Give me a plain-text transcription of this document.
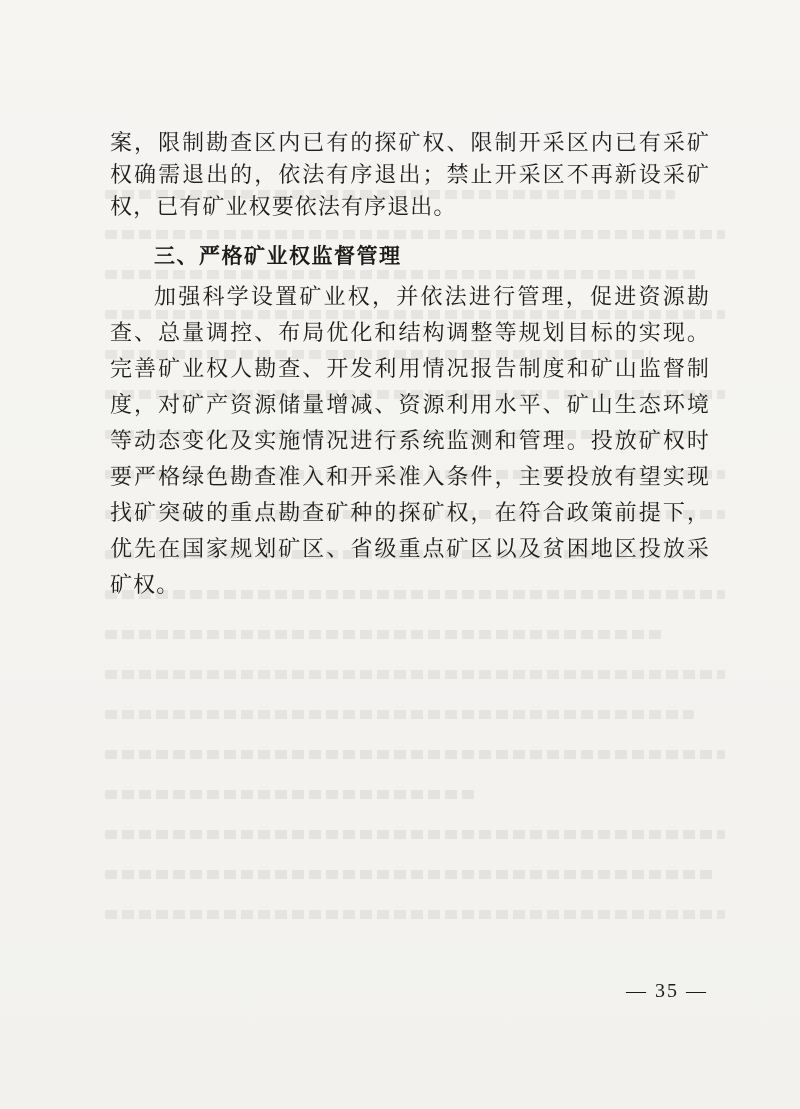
案，限制勘查区内已有的探矿权、限制开采区内已有采矿权确需退出的，依法有序退出；禁止开采区不再新设采矿权，已有矿业权要依法有序退出。

三、严格矿业权监督管理

加强科学设置矿业权，并依法进行管理，促进资源勘查、总量调控、布局优化和结构调整等规划目标的实现。完善矿业权人勘查、开发利用情况报告制度和矿山监督制度，对矿产资源储量增减、资源利用水平、矿山生态环境等动态变化及实施情况进行系统监测和管理。投放矿权时要严格绿色勘查准入和开采准入条件，主要投放有望实现找矿突破的重点勘查矿种的探矿权，在符合政策前提下，优先在国家规划矿区、省级重点矿区以及贫困地区投放采矿权。

— 35 —
